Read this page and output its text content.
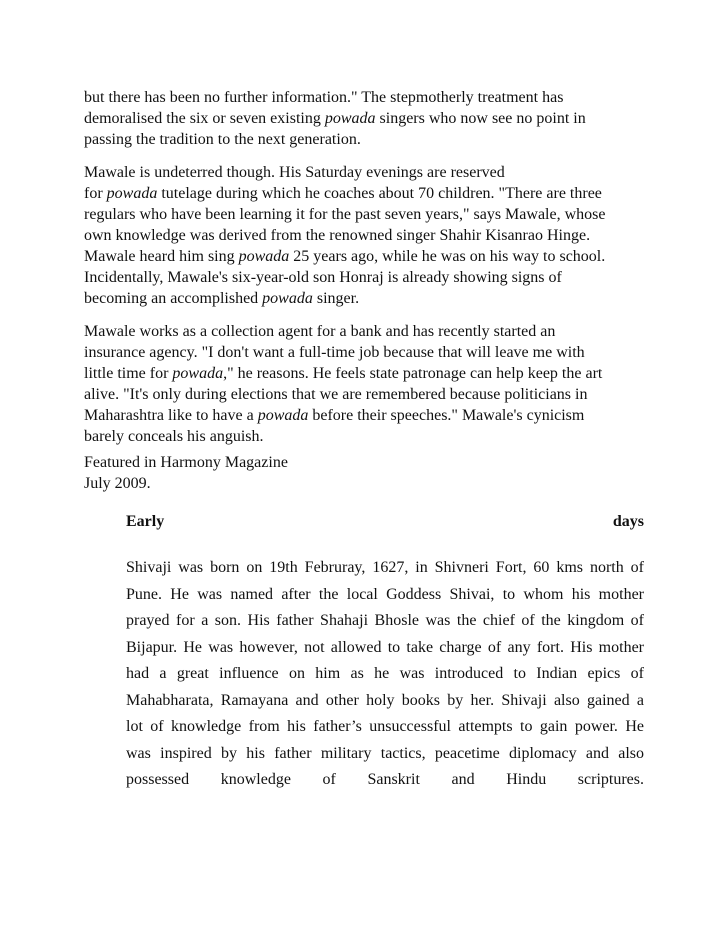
but there has been no further information." The stepmotherly treatment has
demoralised the six or seven existing powada singers who now see no point in
passing the tradition to the next generation.
Mawale is undeterred though. His Saturday evenings are reserved
for powada tutelage during which he coaches about 70 children. "There are three
regulars who have been learning it for the past seven years," says Mawale, whose
own knowledge was derived from the renowned singer Shahir Kisanrao Hinge.
Mawale heard him sing powada 25 years ago, while he was on his way to school.
Incidentally, Mawale's six-year-old son Honraj is already showing signs of
becoming an accomplished powada singer.
Mawale works as a collection agent for a bank and has recently started an
insurance agency. "I don't want a full-time job because that will leave me with
little time for powada," he reasons. He feels state patronage can help keep the art
alive. "It's only during elections that we are remembered because politicians in
Maharashtra like to have a powada before their speeches." Mawale's cynicism
barely conceals his anguish.
Featured in Harmony Magazine
July 2009.
Early	days
Shivaji was born on 19th Februray, 1627, in Shivneri Fort, 60 kms north of
Pune. He was named after the local Goddess Shivai, to whom his mother
prayed for a son. His father Shahaji Bhosle was the chief of the kingdom of
Bijapur. He was however, not allowed to take charge of any fort. His mother
had a great influence on him as he was introduced to Indian epics of
Mahabharata, Ramayana and other holy books by her. Shivaji also gained a
lot of knowledge from his father’s unsuccessful attempts to gain power. He
was inspired by his father military tactics, peacetime diplomacy and also
possessed knowledge of Sanskrit and Hindu scriptures.
